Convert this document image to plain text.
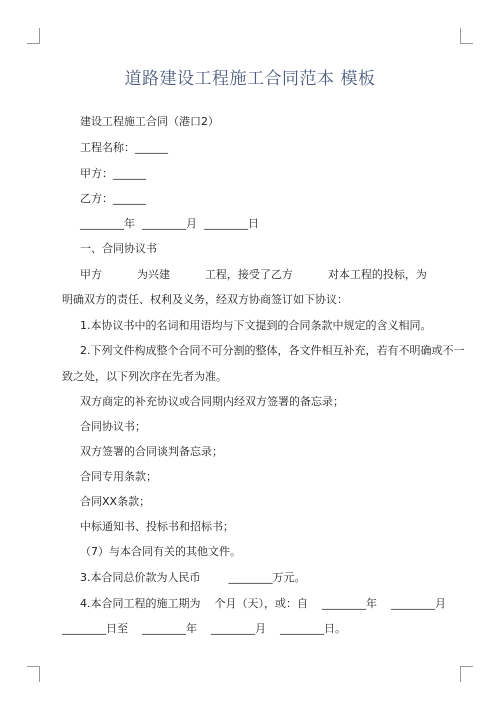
道路建设工程施工合同范本 模板
建设工程施工合同（港口2）
工程名称：______
甲方：______
乙方：______
________年  ________月  ________日
一、合同协议书
甲方          为兴建          工程，接受了乙方          对本工程的投标，为
明确双方的责任、权利及义务，经双方协商签订如下协议：
1.本协议书中的名词和用语均与下文提到的合同条款中规定的含义相同。
2.下列文件构成整个合同不可分割的整体，各文件相互补充，若有不明确或不一
致之处，以下列次序在先者为准。
双方商定的补充协议或合同期内经双方签署的备忘录；
合同协议书；
双方签署的合同谈判备忘录；
合同专用条款；
合同XX条款；
中标通知书、投标书和招标书；
（7）与本合同有关的其他文件。
3.本合同总价款为人民币        ________万元。
4.本合同工程的施工期为    个月（天），或：自    ________年    ________月
________日至    ________年    ________月    ________日。
